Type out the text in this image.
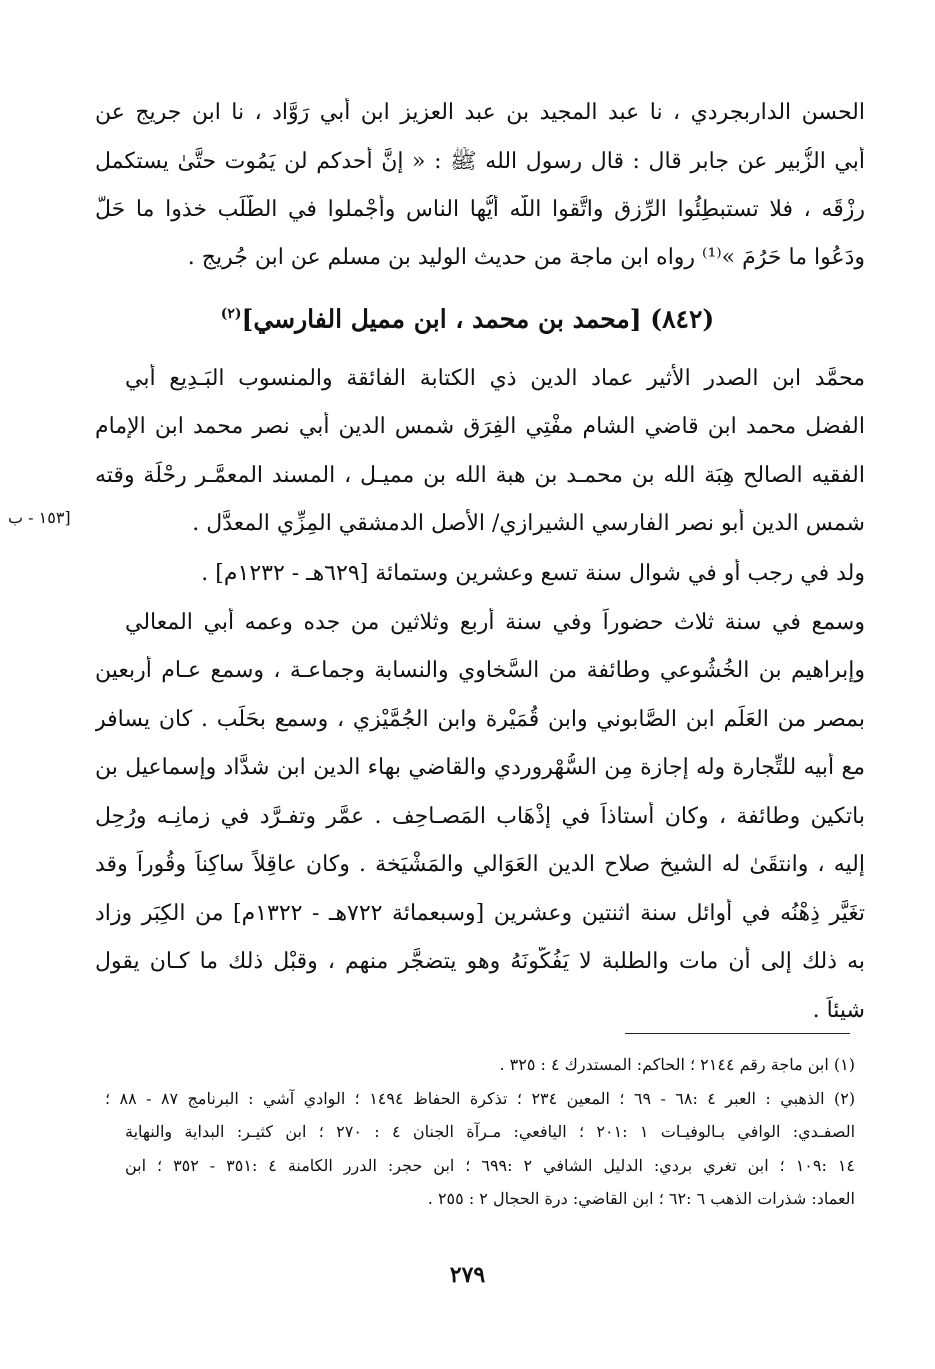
الحسن الداربجردي ، نا عبد المجيد بن عبد العزيز ابن أبي رَوَّاد ، نا ابن جريج عن
أبي الزُّبير عن جابر قال : قال رسول الله ﷺ : « إنَّ أحدكم لن يَمُوت حتَّىٰ يستكمل
رزْقَه ، فلا تستبطِئُوا الرِّزق واتَّقوا اللَّه أيُّها الناس وأَجْملوا في الطَّلَب خذوا ما حَلَّ
ودَعُوا ما حَرُمَ »⁽¹⁾ رواه ابن ماجة من حديث الوليد بن مسلم عن ابن جُريج .
(٨٤٢) [محمد بن محمد ، ابن مميل الفارسي]$^{(٢)}$
محمَّد ابن الصدر الأثير عماد الدين ذي الكتابة الفائقة والمنسوب البَـدِيع أبي
الفضل محمد ابن قاضي الشام مفْتِي الفِرَق شمس الدين أبي نصر محمد ابن الإمام
الفقيه الصالح هِبَة الله بن محمـد بن هبة الله بن مميـل ، المسند المعمَّـر رحْلَة وقته
شمس الدين أبو نصر الفارسي الشيرازي/ الأصل الدمشقي المِزِّي المعدَّل .
ولد في رجب أو في شوال سنة تسع وعشرين وستمائة [٦٢٩هـ - ١٢٣٢م] .
وسمع في سنة ثلاث حضوراً وفي سنة أربع وثلاثين من جده وعمه أبي المعالي
وإبراهيم بن الخُشُوعي وطائفة من السَّخاوي والنسابة وجماعـة ، وسمع عـام أربعين
بمصر من العَلَم ابن الصَّابوني وابن قُمَيْرة وابن الجُمَّيْزي ، وسمع بحَلَب . كان يسافر
مع أبيه للتِّجارة وله إجازة مِن السُّهْروردي والقاضي بهاء الدين ابن شدَّاد وإسماعيل بن
باتكين وطائفة ، وكان أستاذاً في إذْهَاب المَصـاحِف . عمَّر وتفـرَّد في زمانِـه ورُحِل
إليه ، وانتقَىٰ له الشيخ صلاح الدين العَوَالي والمَشْيَخة . وكان عاقِلاً ساكِناً وقُوراً وقد
تغَيَّر ذِهْنُه في أوائل سنة اثنتين وعشرين [وسبعمائة ٧٢٢هـ - ١٣٢٢م] من الكِبَر وزاد
به ذلك إلى أن مات والطلبة لا يَفُكُّونَهُ وهو يتضجَّر منهم ، وقبْل ذلك ما كـان يقول
شيئاً .
[١٥٣ - ب
(١) ابن ماجة رقم ٢١٤٤ ؛ الحاكم: المستدرك ٤ : ٣٢٥ .
(٢) الذهبي : العبر ٤ :٦٨ - ٦٩ ؛ المعين ٢٣٤ ؛ تذكرة الحفاظ ١٤٩٤ ؛ الوادي آشي : البرنامج ٨٧ - ٨٨ ؛
الصفـدي: الوافي بـالوفيـات ١ :٢٠١ ؛ اليافعي: مـرآة الجنان ٤ : ٢٧٠ ؛ ابن كثيـر: البداية والنهاية
١٤ :١٠٩ ؛ ابن تغري بردي: الدليل الشافي ٢ :٦٩٩ ؛ ابن حجر: الدرر الكامنة ٤ :٣٥١ - ٣٥٢ ؛ ابن
العماد: شذرات الذهب ٦ :٦٢ ؛ ابن القاضي: درة الحجال ٢ : ٢٥٥ .
٢٧٩
